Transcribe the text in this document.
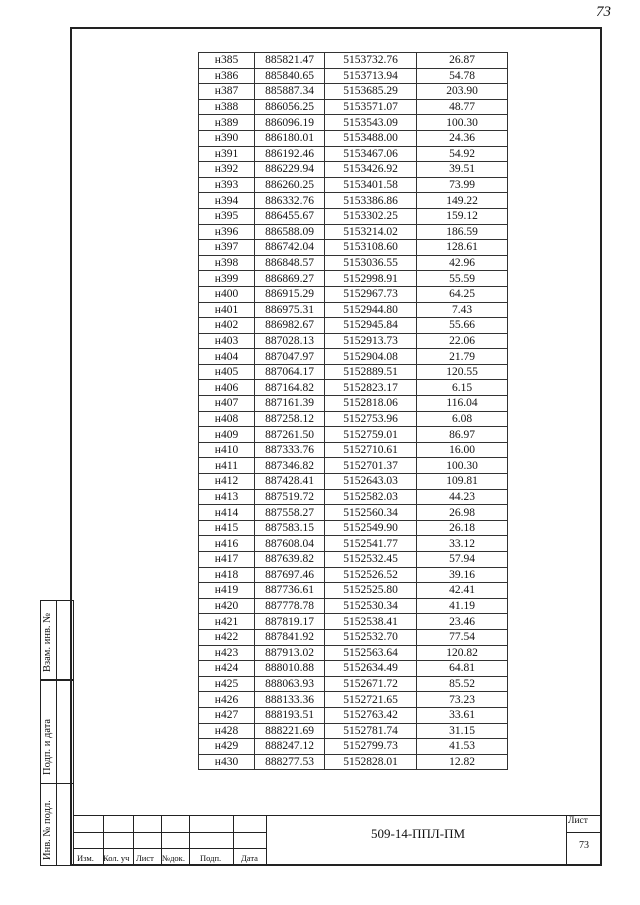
73
н385	885821.47	5153732.76	26.87
н386	885840.65	5153713.94	54.78
н387	885887.34	5153685.29	203.90
н388	886056.25	5153571.07	48.77
н389	886096.19	5153543.09	100.30
н390	886180.01	5153488.00	24.36
н391	886192.46	5153467.06	54.92
н392	886229.94	5153426.92	39.51
н393	886260.25	5153401.58	73.99
н394	886332.76	5153386.86	149.22
н395	886455.67	5153302.25	159.12
н396	886588.09	5153214.02	186.59
н397	886742.04	5153108.60	128.61
н398	886848.57	5153036.55	42.96
н399	886869.27	5152998.91	55.59
н400	886915.29	5152967.73	64.25
н401	886975.31	5152944.80	7.43
н402	886982.67	5152945.84	55.66
н403	887028.13	5152913.73	22.06
н404	887047.97	5152904.08	21.79
н405	887064.17	5152889.51	120.55
н406	887164.82	5152823.17	6.15
н407	887161.39	5152818.06	116.04
н408	887258.12	5152753.96	6.08
н409	887261.50	5152759.01	86.97
н410	887333.76	5152710.61	16.00
н411	887346.82	5152701.37	100.30
н412	887428.41	5152643.03	109.81
н413	887519.72	5152582.03	44.23
н414	887558.27	5152560.34	26.98
н415	887583.15	5152549.90	26.18
н416	887608.04	5152541.77	33.12
н417	887639.82	5152532.45	57.94
н418	887697.46	5152526.52	39.16
н419	887736.61	5152525.80	42.41
н420	887778.78	5152530.34	41.19
н421	887819.17	5152538.41	23.46
н422	887841.92	5152532.70	77.54
н423	887913.02	5152563.64	120.82
н424	888010.88	5152634.49	64.81
н425	888063.93	5152671.72	85.52
н426	888133.36	5152721.65	73.23
н427	888193.51	5152763.42	33.61
н428	888221.69	5152781.74	31.15
н429	888247.12	5152799.73	41.53
н430	888277.53	5152828.01	12.82
Взам. инв. №
Подп. и дата
Инв. № подл.	Изм. Кол. уч Лист №док. Подп. Дата
509-14-ППЛ-ПМ
Лист
73
